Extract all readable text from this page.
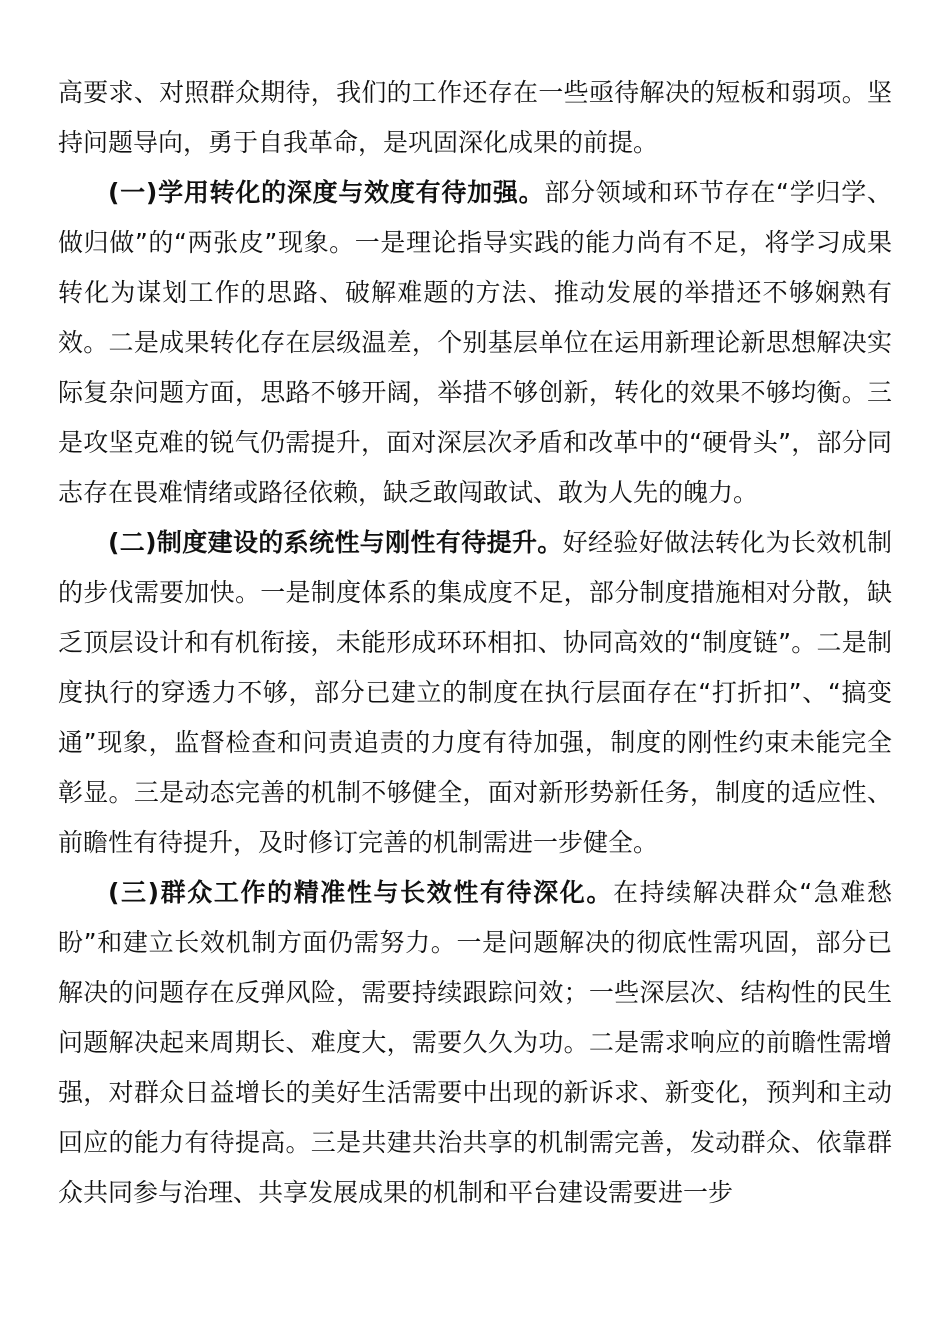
高要求、对照群众期待，我们的工作还存在一些亟待解决的短板和弱项。坚持问题导向，勇于自我革命，是巩固深化成果的前提。

(一)学用转化的深度与效度有待加强。部分领域和环节存在“学归学、做归做”的“两张皮”现象。一是理论指导实践的能力尚有不足，将学习成果转化为谋划工作的思路、破解难题的方法、推动发展的举措还不够娴熟有效。二是成果转化存在层级温差，个别基层单位在运用新理论新思想解决实际复杂问题方面，思路不够开阔，举措不够创新，转化的效果不够均衡。三是攻坚克难的锐气仍需提升，面对深层次矛盾和改革中的“硬骨头”，部分同志存在畏难情绪或路径依赖，缺乏敢闯敢试、敢为人先的魄力。

(二)制度建设的系统性与刚性有待提升。好经验好做法转化为长效机制的步伐需要加快。一是制度体系的集成度不足，部分制度措施相对分散，缺乏顶层设计和有机衔接，未能形成环环相扣、协同高效的“制度链”。二是制度执行的穿透力不够，部分已建立的制度在执行层面存在“打折扣”、“搞变通”现象，监督检查和问责追责的力度有待加强，制度的刚性约束未能完全彰显。三是动态完善的机制不够健全，面对新形势新任务，制度的适应性、前瞻性有待提升，及时修订完善的机制需进一步健全。

(三)群众工作的精准性与长效性有待深化。在持续解决群众“急难愁盼”和建立长效机制方面仍需努力。一是问题解决的彻底性需巩固，部分已解决的问题存在反弹风险，需要持续跟踪问效；一些深层次、结构性的民生问题解决起来周期长、难度大，需要久久为功。二是需求响应的前瞻性需增强，对群众日益增长的美好生活需要中出现的新诉求、新变化，预判和主动回应的能力有待提高。三是共建共治共享的机制需完善，发动群众、依靠群众共同参与治理、共享发展成果的机制和平台建设需要进一步
